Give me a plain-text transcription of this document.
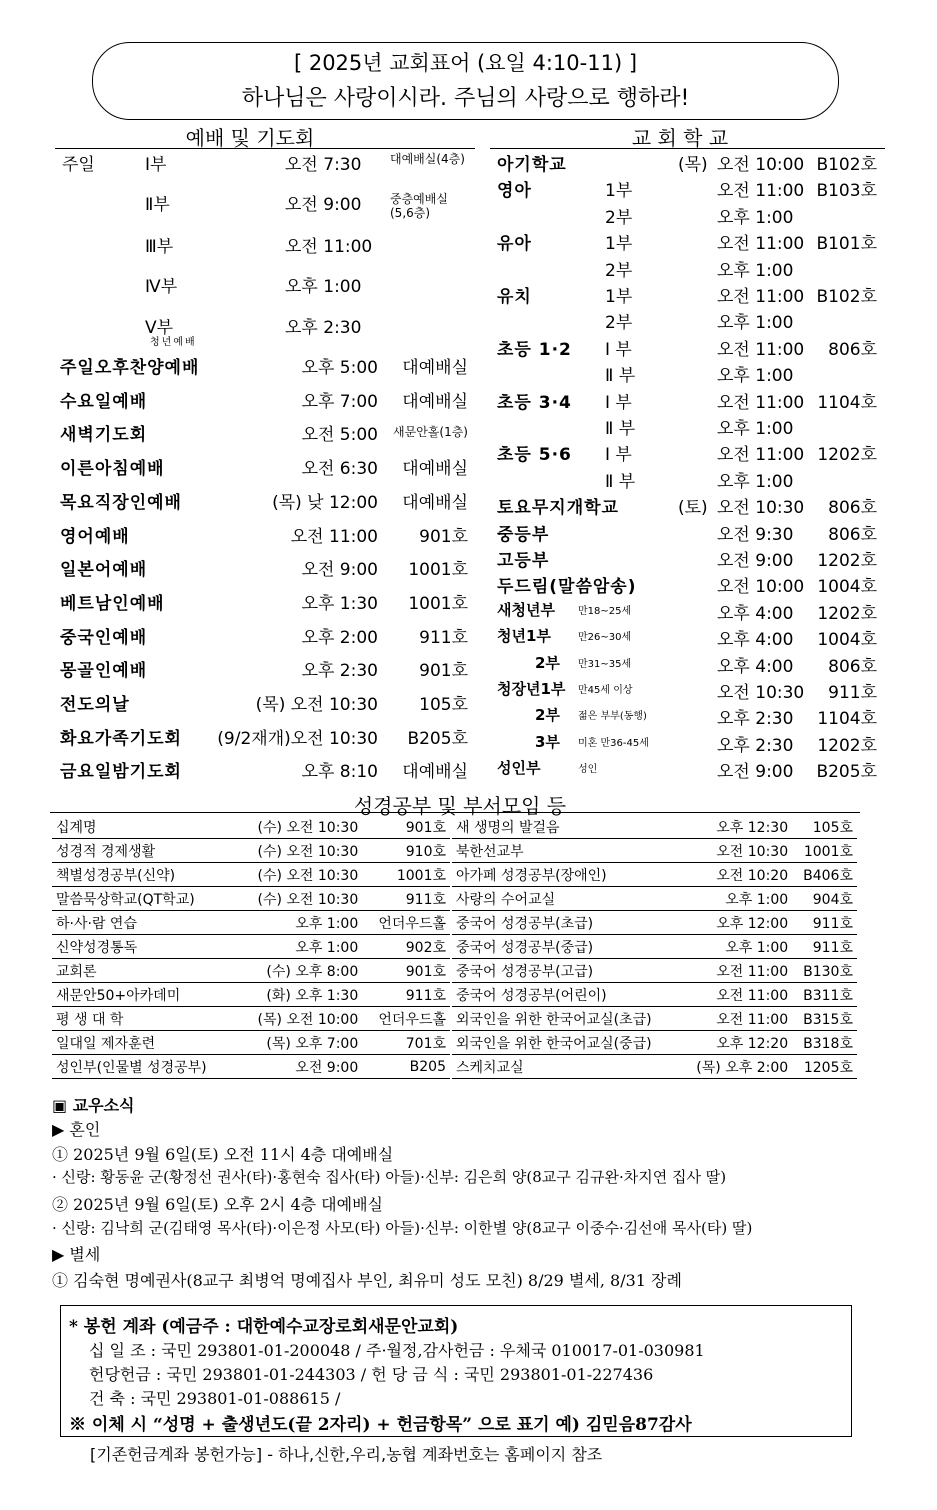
[ 2025년 교회표어 (요일 4:10-11) ]
하나님은 사랑이시라. 주님의 사랑으로 행하라!
예배 및 기도회	교 회 학 교
주일	Ⅰ부	오전 7:30 대예배실(4층)
Ⅱ부	오전 9:00 중층예배실 (5,6층)
Ⅲ부	오전 11:00
Ⅳ부	오후 1:00
Ⅴ부	오후 2:30
청년예배
주일오후찬양예배	오후 5:00 대예배실
수요일예배	오후 7:00 대예배실
새벽기도회	오전 5:00 새문안홀(1층)
이른아침예배	오전 6:30 대예배실
목요직장인예배	(목) 낮 12:00 대예배실
영어예배	오전 11:00 901호
일본어예배	오전 9:00 1001호
베트남인예배	오후 1:30 1001호
중국인예배	오후 2:00 911호
몽골인예배	오후 2:30 901호
전도의날	(목) 오전 10:30 105호
화요가족기도회 (9/2재개)오전 10:30 B205호
금요일밤기도회	오후 8:10 대예배실
아기학교	(목) 오전 10:00 B102호
영아	1부	오전 11:00 B103호
2부	오후 1:00
유아	1부	오전 11:00 B101호
2부	오후 1:00
유치	1부	오전 11:00 B102호
2부	오후 1:00
초등 1·2 Ⅰ 부	오전 11:00 806호
Ⅱ 부	오후 1:00
초등 3·4 Ⅰ 부	오전 11:00 1104호
Ⅱ 부	오후 1:00
초등 5·6 Ⅰ 부	오전 11:00 1202호
Ⅱ 부	오후 1:00
토요무지개학교	(토) 오전 10:30 806호
중등부	오전 9:30 806호
고등부	오전 9:00 1202호
두드림(말씀암송)	오전 10:00 1004호
새청년부 만18~25세	오후 4:00 1202호
청년1부	만26~30세	오후 4:00 1004호
2부 만31~35세	오후 4:00 806호
청장년1부 만45세 이상	오전 10:30 911호
2부 젊은 부부(동행)	오후 2:30 1104호
3부 미혼 만36-45세	오후 2:30 1202호
성인부	성인	오전 9:00 B205호
성경공부 및 부서모임 등
십계명	(수) 오전 10:30	901호
성경적 경제생활	(수) 오전 10:30	910호
책별성경공부(신약)	(수) 오전 10:30	1001호
말씀묵상학교(QT학교)	(수) 오전 10:30	911호
하·사·람 연습	오후 1:00	언더우드홀
신약성경통독	오후 1:00	902호
교회론	(수) 오후 8:00	901호
새문안50+아카데미	(화) 오후 1:30	911호
평 생 대 학	(목) 오전 10:00	언더우드홀
일대일 제자훈련	(목) 오후 7:00	701호
성인부(인물별 성경공부)	오전 9:00	B205
새 생명의 발걸음	오후 12:30	105호
북한선교부	오전 10:30	1001호
아가페 성경공부(장애인)	오전 10:20	B406호
사랑의 수어교실	오후 1:00	904호
중국어 성경공부(초급)	오후 12:00	911호
중국어 성경공부(중급)	오후 1:00	911호
중국어 성경공부(고급)	오전 11:00	B130호
중국어 성경공부(어린이)	오전 11:00	B311호
외국인을 위한 한국어교실(초급)	오전 11:00	B315호
외국인을 위한 한국어교실(중급)	오후 12:20	B318호
스케치교실	(목) 오후 2:00	1205호
▣ 교우소식
▶ 혼인
① 2025년 9월 6일(토) 오전 11시 4층 대예배실
· 신랑: 황동윤 군(황정선 권사(타)·홍현숙 집사(타) 아들)·신부: 김은희 양(8교구 김규완·차지연 집사 딸)
② 2025년 9월 6일(토) 오후 2시 4층 대예배실
· 신랑: 김낙희 군(김태영 목사(타)·이은정 사모(타) 아들)·신부: 이한별 양(8교구 이중수·김선애 목사(타) 딸)
▶ 별세
① 김숙현 명예권사(8교구 최병억 명예집사 부인, 최유미 성도 모친) 8/29 별세, 8/31 장례
* 봉헌 계좌 (예금주 : 대한예수교장로회새문안교회)
십 일 조 : 국민 293801-01-200048 / 주·월정,감사헌금 : 우체국 010017-01-030981
헌당헌금 : 국민 293801-01-244303 / 헌 당 금 식 : 국민 293801-01-227436
건 축 : 국민 293801-01-088615 /
※ 이체 시 “성명 + 출생년도(끝 2자리) + 헌금항목” 으로 표기 예) 김믿음87감사
[기존헌금계좌 봉헌가능] - 하나,신한,우리,농협 계좌번호는 홈페이지 참조
